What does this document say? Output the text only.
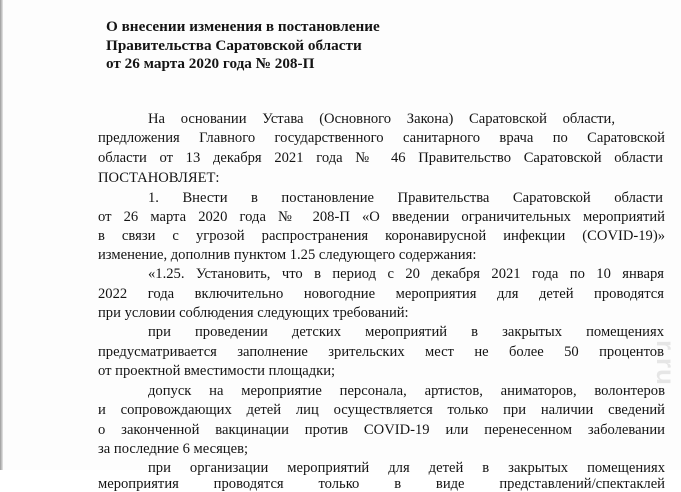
О внесении изменения в постановление
Правительства Саратовской области
от 26 марта 2020 года № 208-П
На основании Устава (Основного Закона) Саратовской области,
предложения Главного государственного санитарного врача по Саратовской
области от 13 декабря 2021 года № 46 Правительство Саратовской области
ПОСТАНОВЛЯЕТ:
1. Внести в постановление Правительства Саратовской области
от 26 марта 2020 года № 208-П «О введении ограничительных мероприятий
в связи с угрозой распространения коронавирусной инфекции (COVID-19)»
изменение, дополнив пунктом 1.25 следующего содержания:
«1.25. Установить, что в период с 20 декабря 2021 года по 10 января
2022 года включительно новогодние мероприятия для детей проводятся
при условии соблюдения следующих требований:
при проведении детских мероприятий в закрытых помещениях
предусматривается заполнение зрительских мест не более 50 процентов
от проектной вместимости площадки;
допуск на мероприятие персонала, артистов, аниматоров, волонтеров
и сопровождающих детей лиц осуществляется только при наличии сведений
о законченной вакцинации против COVID-19 или перенесенном заболевании
за последние 6 месяцев;
при организации мероприятий для детей в закрытых помещениях
мероприятия проводятся только в виде представлений/спектаклей
r.ru
